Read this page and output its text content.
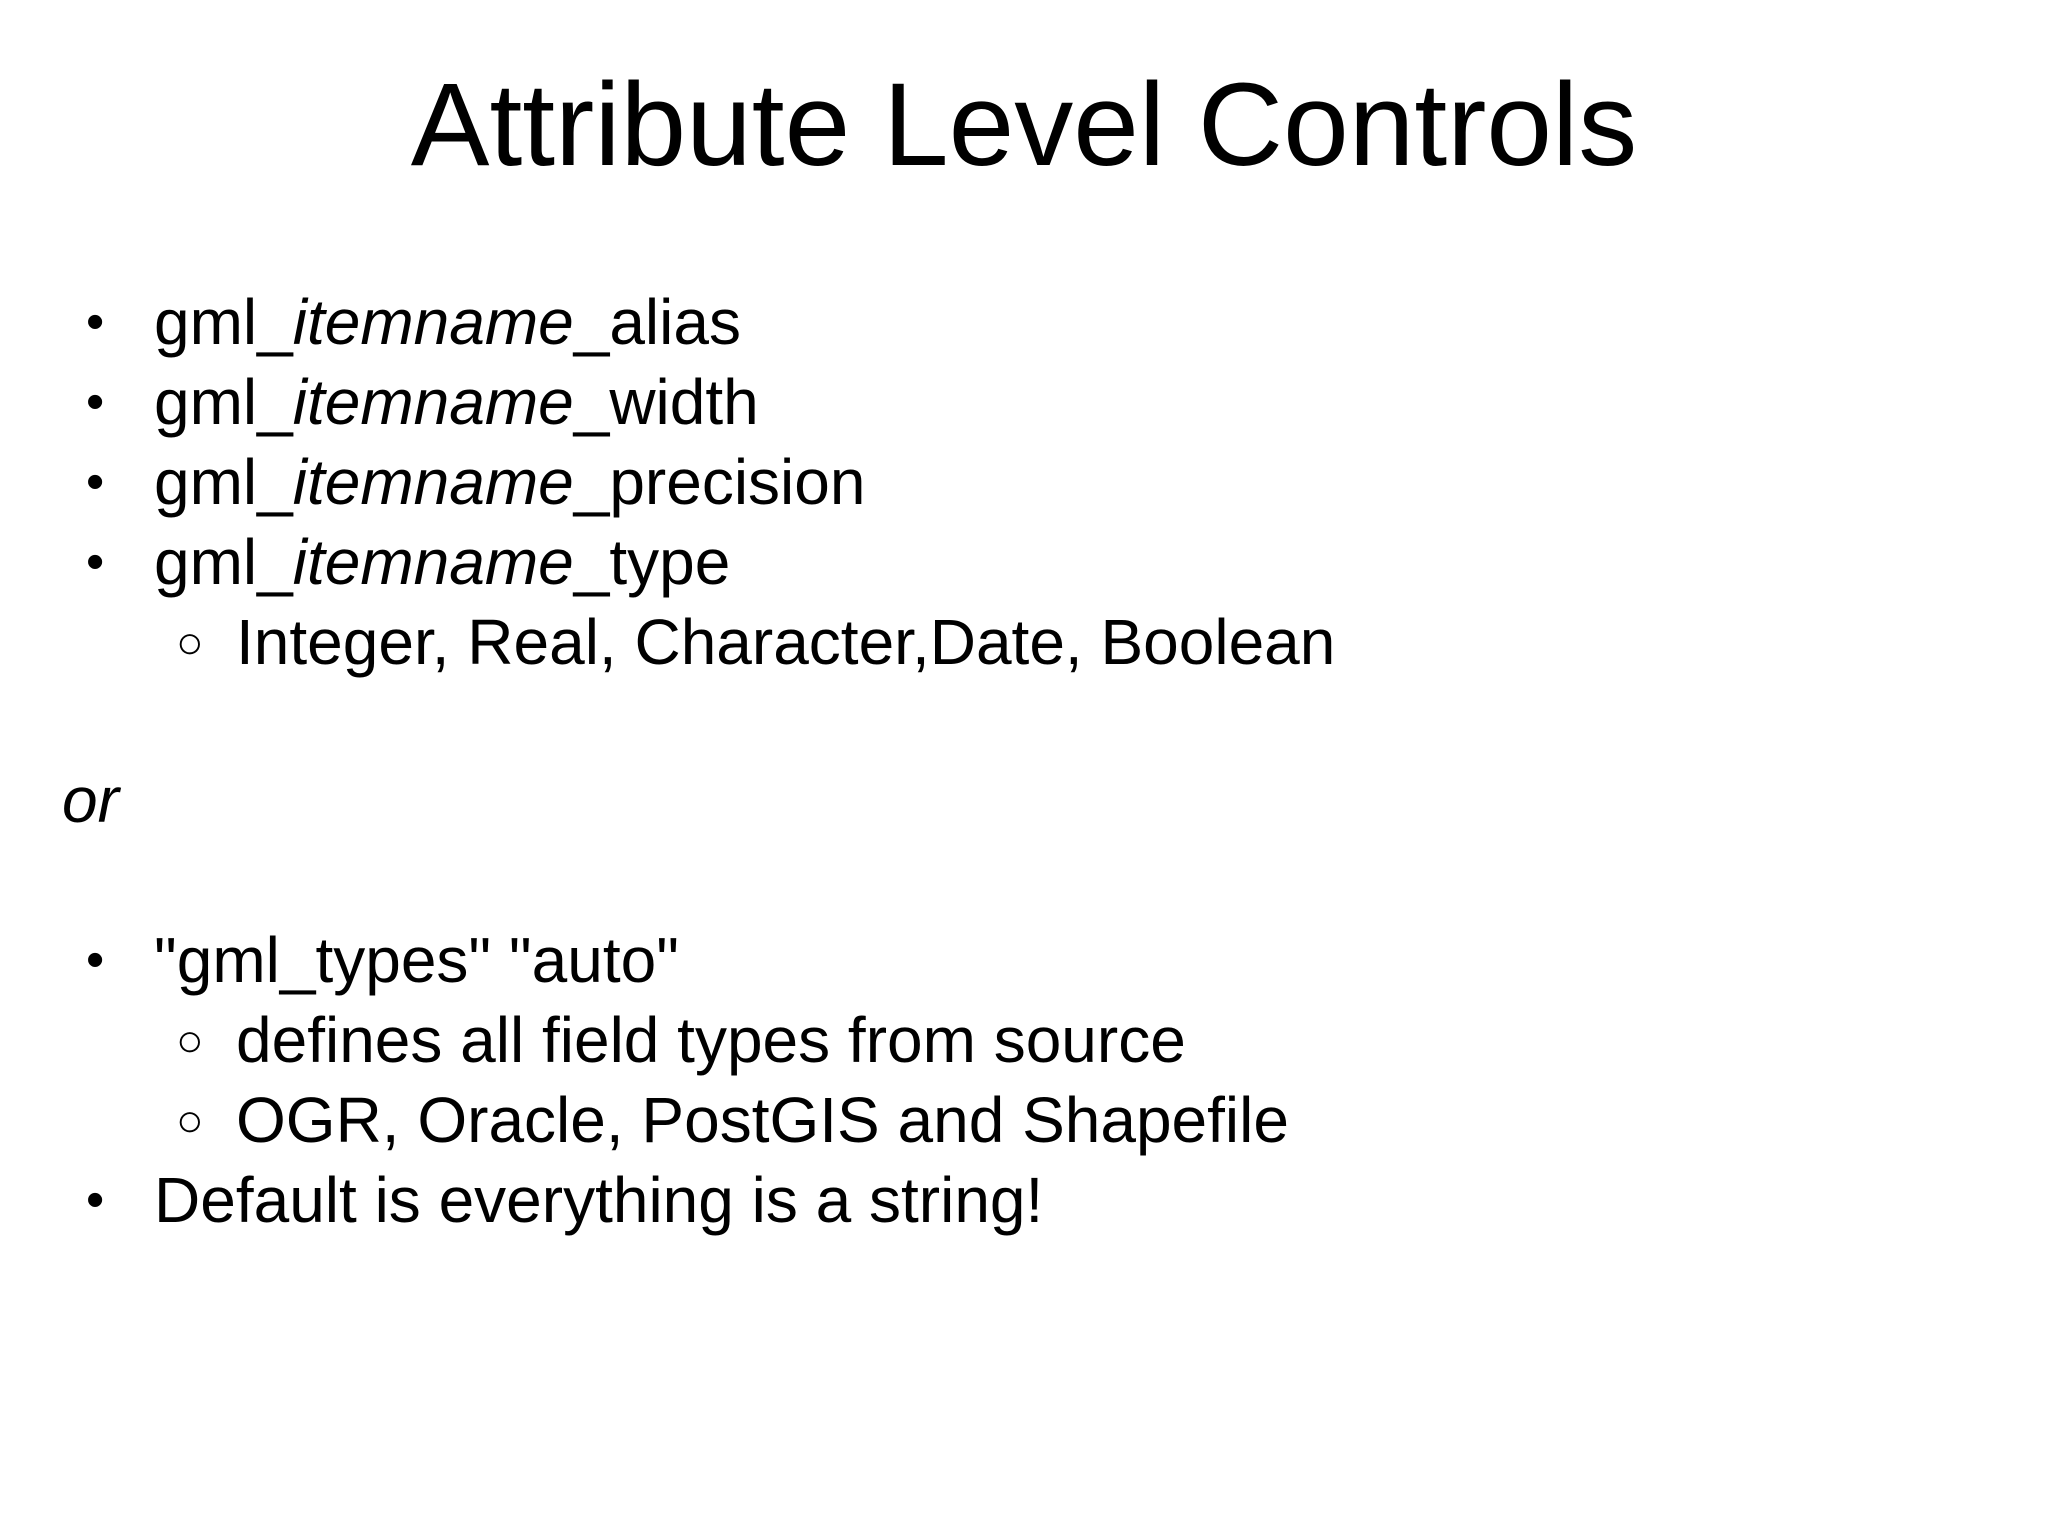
Attribute Level Controls
• gml_itemname_alias
• gml_itemname_width
• gml_itemname_precision
• gml_itemname_type
○ Integer, Real, Character,Date, Boolean
or
• "gml_types" "auto"
○ defines all field types from source
○ OGR, Oracle, PostGIS and Shapefile
• Default is everything is a string!
